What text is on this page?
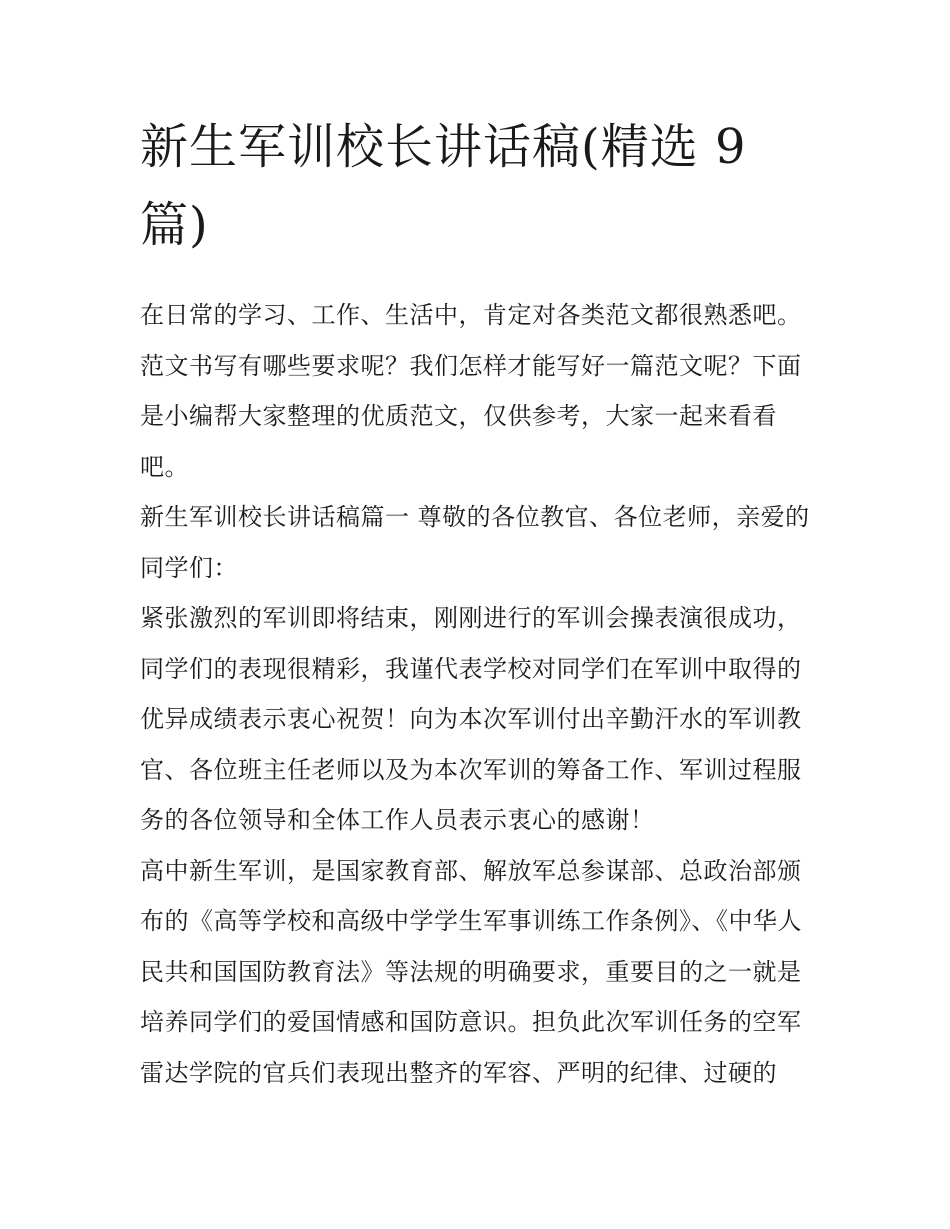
新生军训校长讲话稿(精选 9 篇)

在日常的学习、工作、生活中，肯定对各类范文都很熟悉吧。范文书写有哪些要求呢？我们怎样才能写好一篇范文呢？下面是小编帮大家整理的优质范文，仅供参考，大家一起来看看吧。

新生军训校长讲话稿篇一 尊敬的各位教官、各位老师，亲爱的同学们：

紧张激烈的军训即将结束，刚刚进行的军训会操表演很成功，同学们的表现很精彩，我谨代表学校对同学们在军训中取得的优异成绩表示衷心祝贺！向为本次军训付出辛勤汗水的军训教官、各位班主任老师以及为本次军训的筹备工作、军训过程服务的各位领导和全体工作人员表示衷心的感谢！

高中新生军训，是国家教育部、解放军总参谋部、总政治部颁布的《高等学校和高级中学学生军事训练工作条例》、《中华人民共和国国防教育法》等法规的明确要求，重要目的之一就是培养同学们的爱国情感和国防意识。担负此次军训任务的空军雷达学院的官兵们表现出整齐的军容、严明的纪律、过硬的
